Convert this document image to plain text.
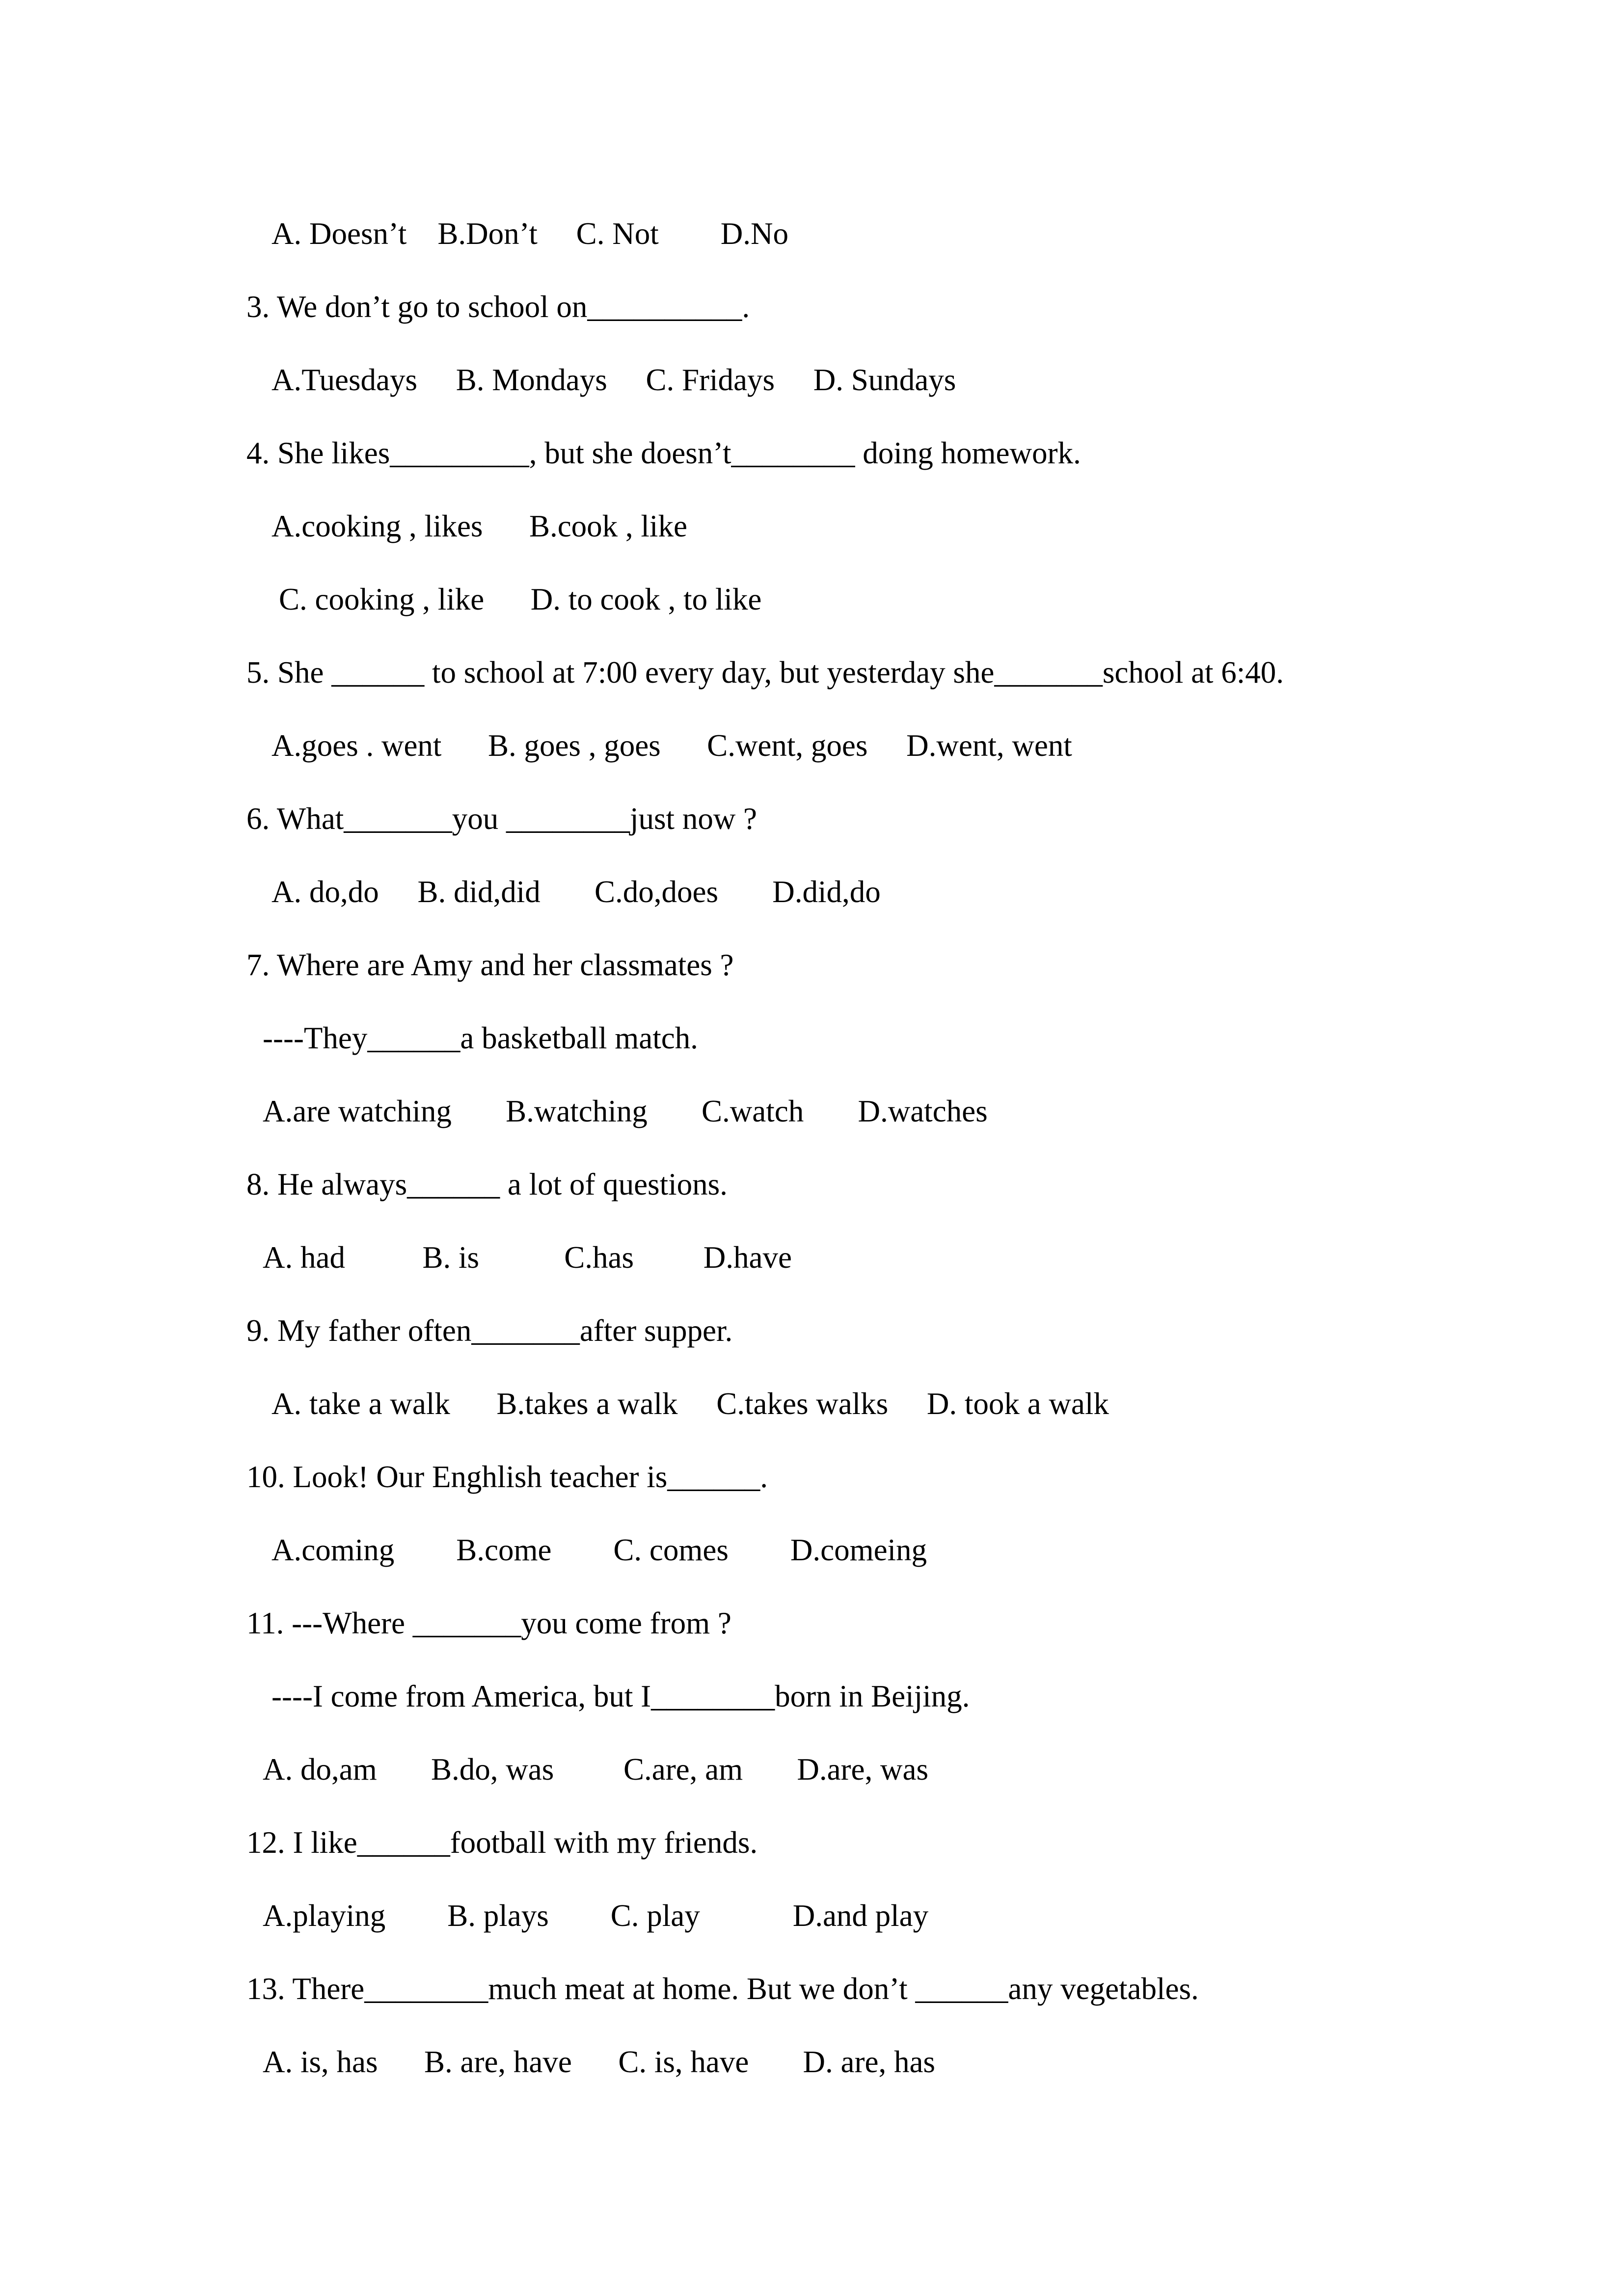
A. Doesn’t    B.Don’t     C. Not        D.No
3. We don’t go to school on__________.
A.Tuesdays     B. Mondays     C. Fridays     D. Sundays
4. She likes_________, but she doesn’t________ doing homework.
A.cooking , likes      B.cook , like
C. cooking , like      D. to cook , to like
5. She ______ to school at 7:00 every day, but yesterday she_______school at 6:40.
A.goes . went      B. goes , goes      C.went, goes     D.went, went
6. What_______you ________just now ?
A. do,do     B. did,did       C.do,does       D.did,do
7. Where are Amy and her classmates ?
----They______a basketball match.
A.are watching       B.watching       C.watch       D.watches
8. He always______ a lot of questions.
A. had          B. is           C.has         D.have
9. My father often_______after supper.
A. take a walk      B.takes a walk     C.takes walks     D. took a walk
10. Look! Our Enghlish teacher is______.
A.coming        B.come        C. comes        D.comeing
11. ---Where _______you come from ?
----I come from America, but I________born in Beijing.
A. do,am       B.do, was         C.are, am       D.are, was
12. I like______football with my friends.
A.playing        B. plays        C. play            D.and play
13. There________much meat at home. But we don’t ______any vegetables.
A. is, has      B. are, have      C. is, have       D. are, has
